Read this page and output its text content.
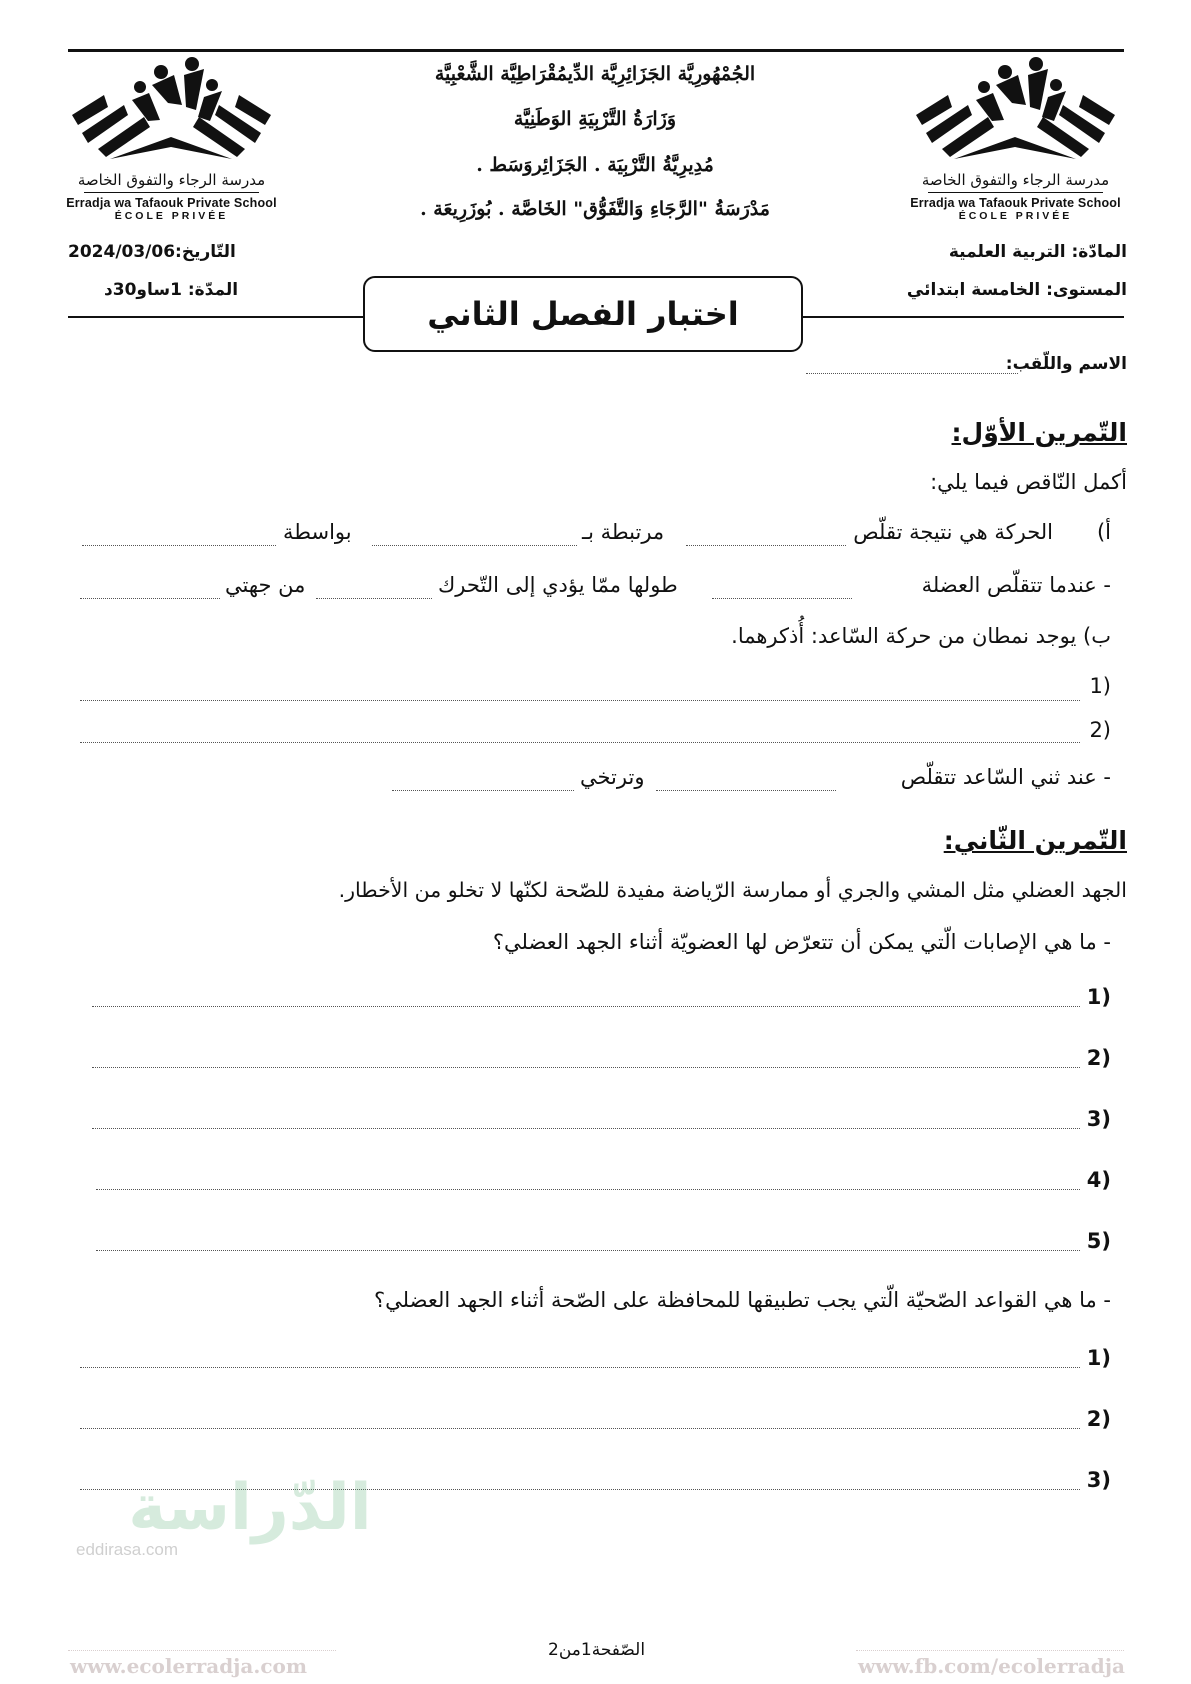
مدرسة الرجاء والتفوق الخاصة
Erradja wa Tafaouk Private School
ÉCOLE PRIVÉE
مدرسة الرجاء والتفوق الخاصة
Erradja wa Tafaouk Private School
ÉCOLE PRIVÉE
الجُمْهُورِيَّة الجَزَائِرِيَّة الدِّيمُقْرَاطِيَّة الشَّعْبِيَّة
وَزَارَةُ التَّرْبِيَةِ الوَطَنِيَّة
مُدِيرِيَّةُ التَّرْبِيَة . الجَزَائِروَسَط .
مَدْرَسَةُ "الرَّجَاءِ وَالتَّفَوُّق" الخَاصَّة . بُوزَرِيعَة .
المادّة: التربية العلمية
المستوى: الخامسة ابتدائي
التّاريخ:2024/03/06
المدّة: 1ساو30د
اختبار الفصل الثاني
الاسم واللّقب:
التّمرين الأوّل:
أكمل النّاقص فيما يلي:
أ)
الحركة هي نتيجة تقلّص
مرتبطة بـ
بواسطة
- عندما تتقلّص العضلة
طولها ممّا يؤدي إلى التّحرك
من جهتي
ب) يوجد نمطان من حركة السّاعد: أُذكرهما.
1)
2)
- عند ثني السّاعد تتقلّص
وترتخي
التّمرين الثّاني:
الجهد العضلي مثل المشي والجري أو ممارسة الرّياضة مفيدة للصّحة لكنّها لا تخلو من الأخطار.
- ما هي الإصابات الّتي يمكن أن تتعرّض لها العضويّة أثناء الجهد العضلي؟
1)
2)
3)
4)
5)
- ما هي القواعد الصّحيّة الّتي يجب تطبيقها للمحافظة على الصّحة أثناء الجهد العضلي؟
1)
2)
3)
الدّراسة
eddirasa.com
www.ecolerradja.com
الصّفحة1من2
www.fb.com/ecolerradja
